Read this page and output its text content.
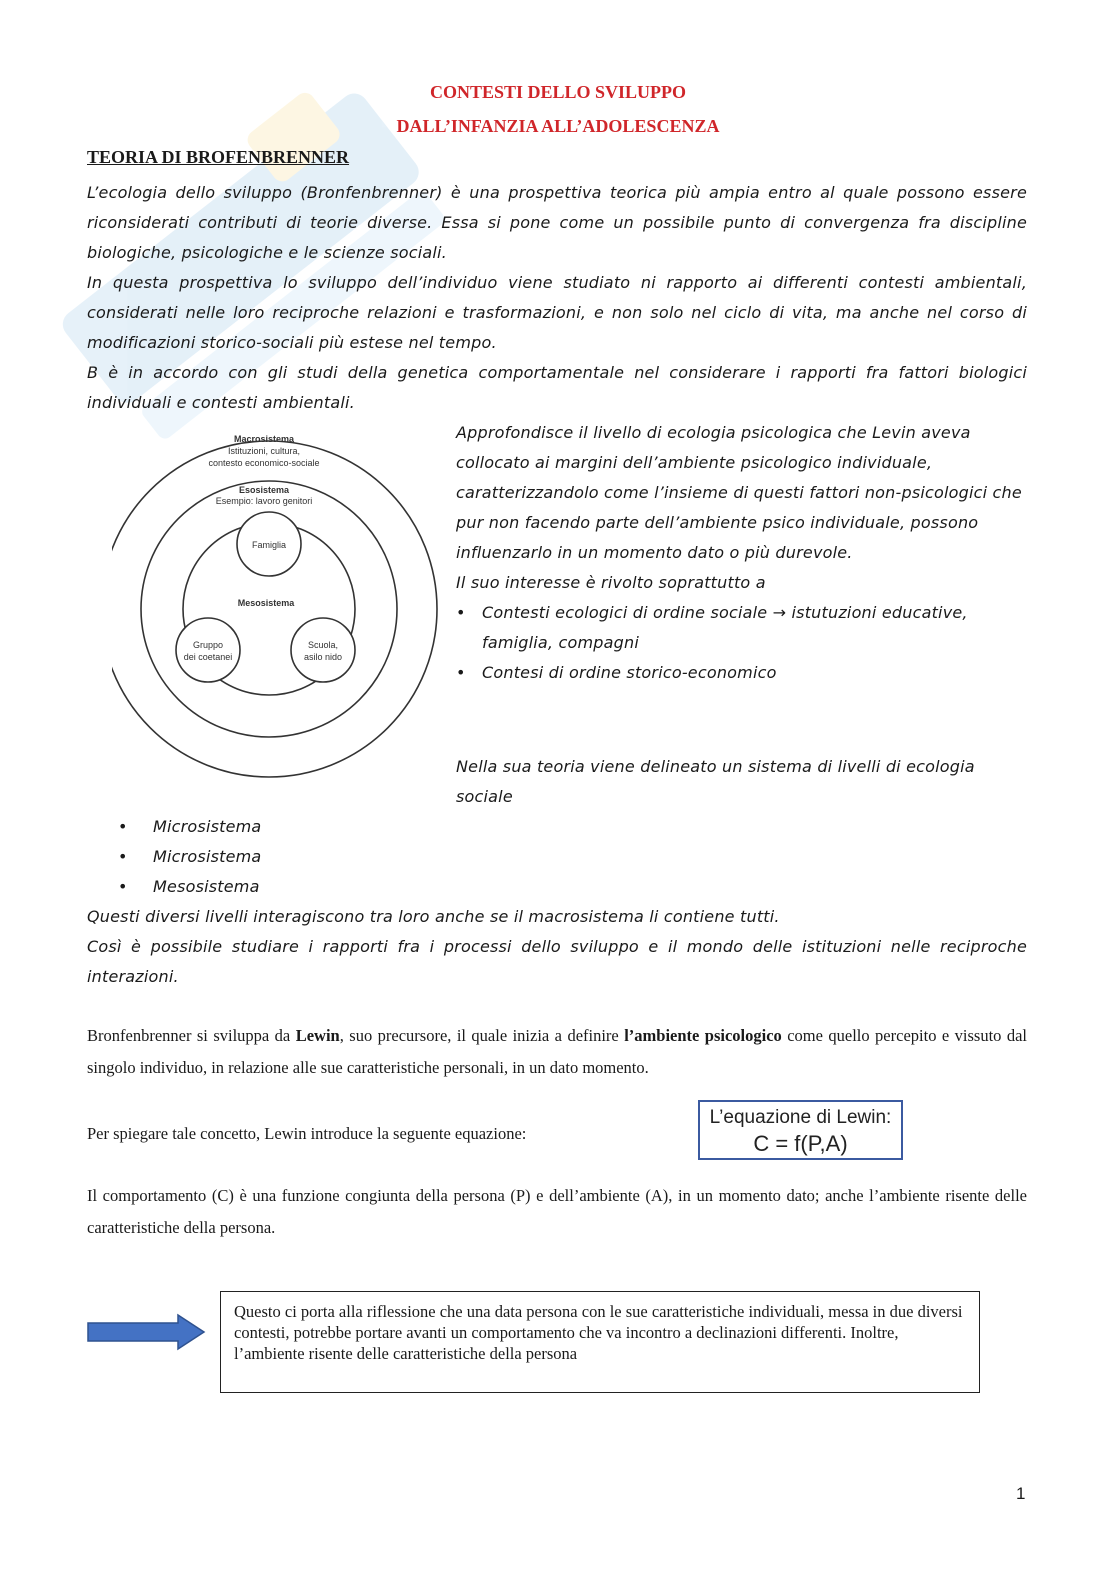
CONTESTI DELLO SVILUPPO
DALL’INFANZIA ALL’ADOLESCENZA
TEORIA DI BROFENBRENNER

L’ecologia dello sviluppo (Bronfenbrenner) è una prospettiva teorica più ampia entro al quale possono essere riconsiderati contributi di teorie diverse. Essa si pone come un possibile punto di convergenza fra discipline biologiche, psicologiche e le scienze sociali.

In questa prospettiva lo sviluppo dell’individuo viene studiato ni rapporto ai differenti contesti ambientali, considerati nelle loro reciproche relazioni e trasformazioni, e non solo nel ciclo di vita, ma anche nel corso di modificazioni storico-sociali più estese nel tempo.

B è in accordo con gli studi della genetica comportamentale nel considerare i rapporti fra fattori biologici individuali e contesti ambientali.

Macrosistema
Istituzioni, cultura,
contesto economico-sociale
Esosistema
Esempio: lavoro genitori
Famiglia
Mesosistema
Gruppo
dei coetanei
Scuola,
asilo nido

Approfondisce il livello di ecologia psicologica che Levin aveva collocato ai margini dell’ambiente psicologico individuale, caratterizzandolo come l’insieme di questi fattori non-psicologici che pur non facendo parte dell’ambiente psico individuale, possono influenzarlo in un momento dato o più durevole.

Il suo interesse è rivolto soprattutto a

•	Contesti ecologici di ordine sociale → istutuzioni educative, famiglia, compagni
•	Contesi di ordine storico-economico

Nella sua teoria viene delineato un sistema di livelli di ecologia sociale

•	Microsistema
•	Microsistema
•	Mesosistema

Questi diversi livelli interagiscono tra loro anche se il macrosistema li contiene tutti.

Così è possibile studiare i rapporti fra i processi dello sviluppo e il mondo delle istituzioni nelle reciproche interazioni.

Bronfenbrenner si sviluppa da Lewin, suo precursore, il quale inizia a definire l’ambiente psicologico come quello percepito e vissuto dal singolo individuo, in relazione alle sue caratteristiche personali, in un dato momento.

Per spiegare tale concetto, Lewin introduce la seguente equazione:

L’equazione di Lewin:
C = f(P,A)

Il comportamento (C) è una funzione congiunta della persona (P) e dell’ambiente (A), in un momento dato; anche l’ambiente risente delle caratteristiche della persona.

Questo ci porta alla riflessione che una data persona con le sue caratteristiche individuali, messa in due diversi contesti, potrebbe portare avanti un comportamento che va incontro a declinazioni differenti. Inoltre, l’ambiente risente delle caratteristiche della persona
1
